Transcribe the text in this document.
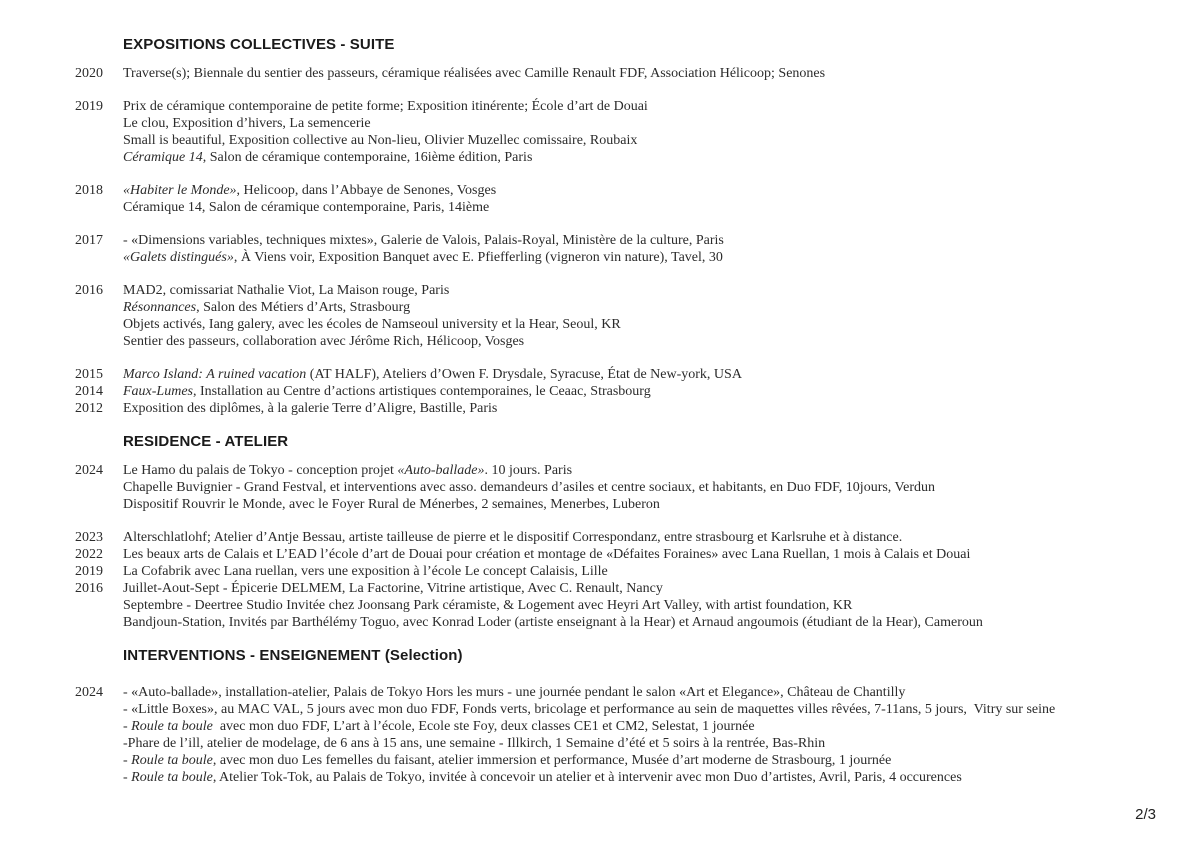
EXPOSITIONS COLLECTIVES - SUITE
2020	Traverse(s); Biennale du sentier des passeurs, céramique réalisées avec Camille Renault FDF, Association Hélicoop; Senones
2019	Prix de céramique contemporaine de petite forme; Exposition itinérente; École d’art de Douai
Le clou, Exposition d’hivers, La semencerie
Small is beautiful, Exposition collective au Non-lieu, Olivier Muzellec comissaire, Roubaix
Céramique 14, Salon de céramique contemporaine, 16ième édition, Paris
2018	«Habiter le Monde», Helicoop, dans l’Abbaye de Senones, Vosges
Céramique 14, Salon de céramique contemporaine, Paris, 14ième
2017	- «Dimensions variables, techniques mixtes», Galerie de Valois, Palais-Royal, Ministère de la culture, Paris
«Galets distingués», À Viens voir, Exposition Banquet avec E. Pfiefferling (vigneron vin nature), Tavel, 30
2016	MAD2, comissariat Nathalie Viot, La Maison rouge, Paris
Résonnances, Salon des Métiers d’Arts, Strasbourg
Objets activés, Iang galery, avec les écoles de Namseoul university et la Hear, Seoul, KR
Sentier des passeurs, collaboration avec Jérôme Rich, Hélicoop, Vosges
2015	Marco Island: A ruined vacation (AT HALF), Ateliers d’Owen F. Drysdale, Syracuse, État de New-york, USA
2014	Faux-Lumes, Installation au Centre d’actions artistiques contemporaines, le Ceaac, Strasbourg
2012	Exposition des diplômes, à la galerie Terre d’Aligre, Bastille, Paris
RESIDENCE - ATELIER
2024	Le Hamo du palais de Tokyo - conception projet «Auto-ballade». 10 jours. Paris
Chapelle Buvignier - Grand Festval, et interventions avec asso. demandeurs d’asiles et centre sociaux, et habitants, en Duo FDF, 10jours, Verdun
Dispositif Rouvrir le Monde, avec le Foyer Rural de Ménerbes, 2 semaines, Menerbes, Luberon
2023	Alterschlatlohf; Atelier d’Antje Bessau, artiste tailleuse de pierre et le dispositif Correspondanz, entre strasbourg et Karlsruhe et à distance.
2022	Les beaux arts de Calais et L’EAD l’école d’art de Douai pour création et montage de «Défaites Foraines» avec Lana Ruellan, 1 mois à Calais et Douai
2019	La Cofabrik avec Lana ruellan, vers une exposition à l’école Le concept Calaisis, Lille
2016	Juillet-Aout-Sept - Épicerie DELMEM, La Factorine, Vitrine artistique, Avec C. Renault, Nancy
Septembre - Deertree Studio Invitée chez Joonsang Park céramiste, & Logement avec Heyri Art Valley, with artist foundation, KR
Bandjoun-Station, Invités par Barthélémy Toguo, avec Konrad Loder (artiste enseignant à la Hear) et Arnaud angoumois (étudiant de la Hear), Cameroun
INTERVENTIONS - ENSEIGNEMENT (Selection)
2024	- «Auto-ballade», installation-atelier, Palais de Tokyo Hors les murs - une journée pendant le salon «Art et Elegance», Château de Chantilly
- «Little Boxes», au MAC VAL, 5 jours avec mon duo FDF, Fonds verts, bricolage et performance au sein de maquettes villes rêvées, 7-11ans, 5 jours,  Vitry sur seine
- Roule ta boule  avec mon duo FDF, L’art à l’école, Ecole ste Foy, deux classes CE1 et CM2, Selestat, 1 journée
-Phare de l’ill, atelier de modelage, de 6 ans à 15 ans, une semaine - Illkirch, 1 Semaine d’été et 5 soirs à la rentrée, Bas-Rhin
- Roule ta boule, avec mon duo Les femelles du faisant, atelier immersion et performance, Musée d’art moderne de Strasbourg, 1 journée
- Roule ta boule, Atelier Tok-Tok, au Palais de Tokyo, invitée à concevoir un atelier et à intervenir avec mon Duo d’artistes, Avril, Paris, 4 occurences
2/3
